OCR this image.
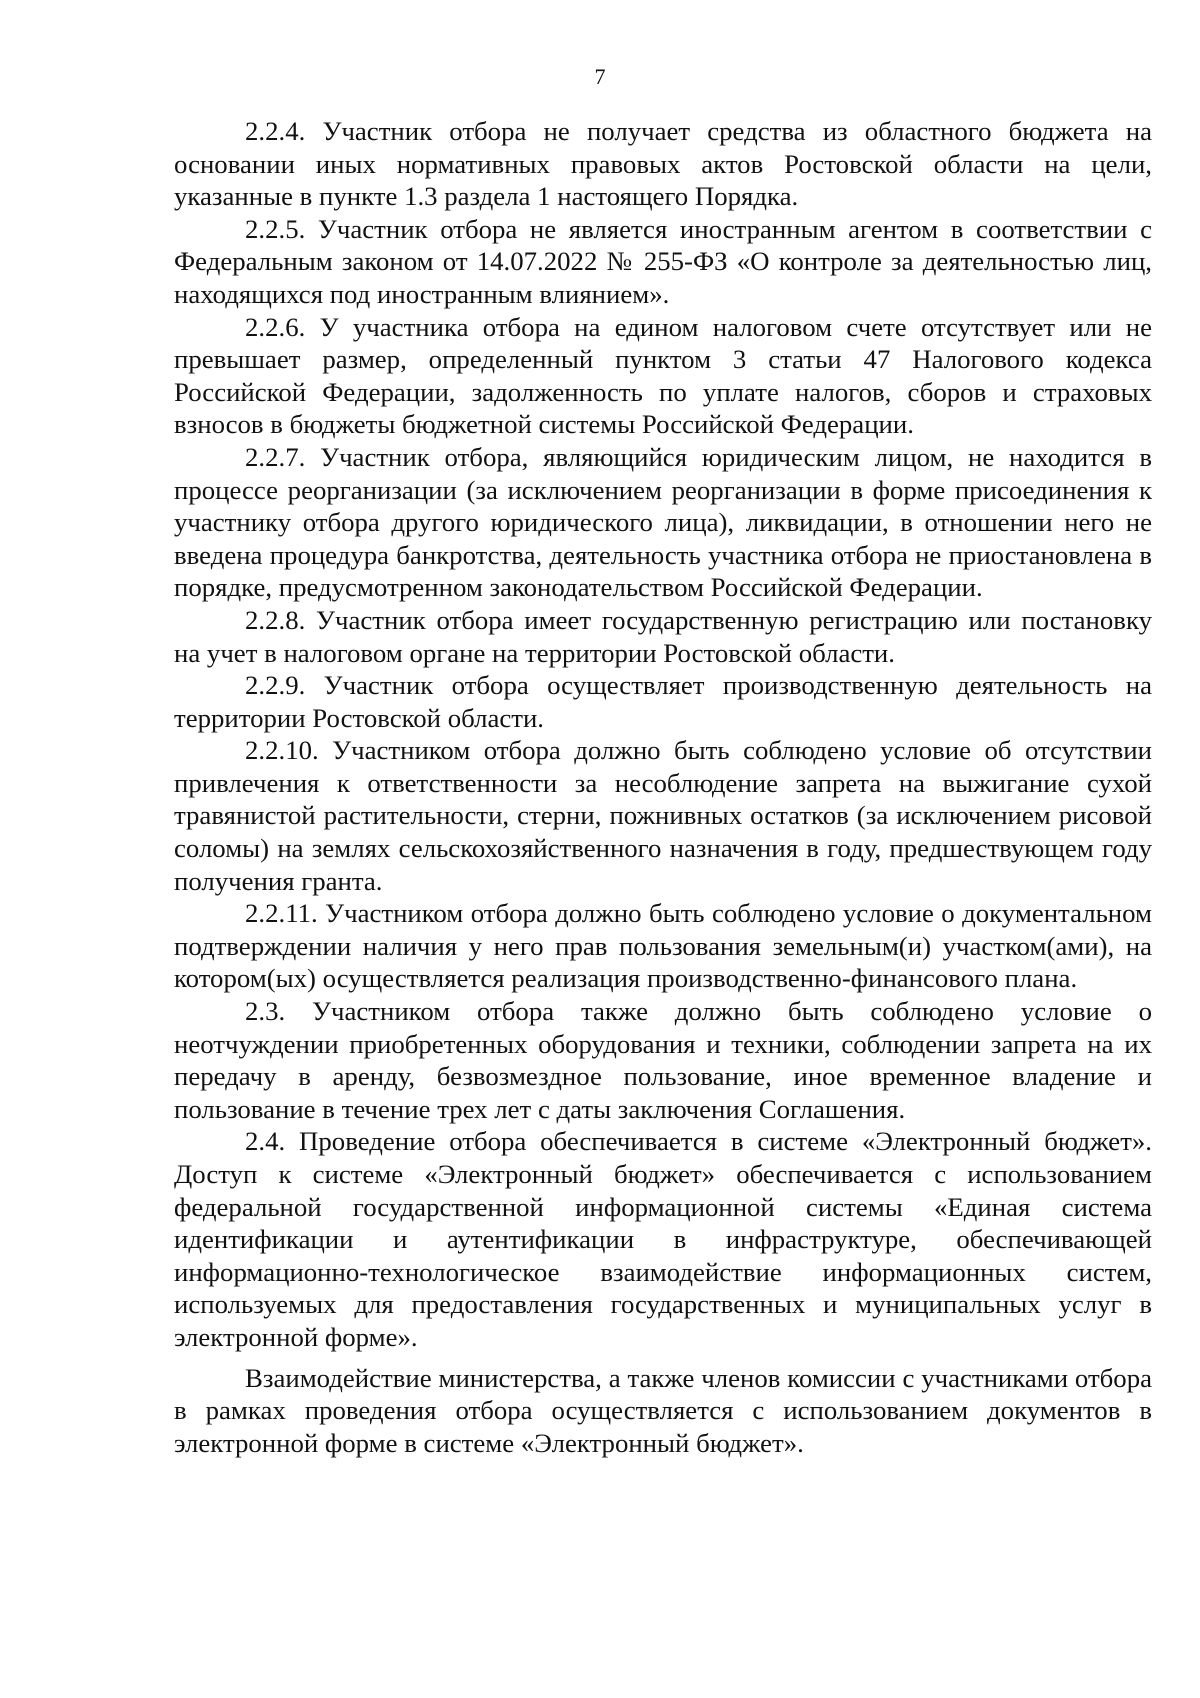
7

2.2.4. Участник отбора не получает средства из областного бюджета на основании иных нормативных правовых актов Ростовской области на цели, указанные в пункте 1.3 раздела 1 настоящего Порядка.

2.2.5. Участник отбора не является иностранным агентом в соответствии с Федеральным законом от 14.07.2022 № 255-ФЗ «О контроле за деятельностью лиц, находящихся под иностранным влиянием».

2.2.6. У участника отбора на едином налоговом счете отсутствует или не превышает размер, определенный пунктом 3 статьи 47 Налогового кодекса Российской Федерации, задолженность по уплате налогов, сборов и страховых взносов в бюджеты бюджетной системы Российской Федерации.

2.2.7. Участник отбора, являющийся юридическим лицом, не находится в процессе реорганизации (за исключением реорганизации в форме присоединения к участнику отбора другого юридического лица), ликвидации, в отношении него не введена процедура банкротства, деятельность участника отбора не приостановлена в порядке, предусмотренном законодательством Российской Федерации.

2.2.8. Участник отбора имеет государственную регистрацию или постановку на учет в налоговом органе на территории Ростовской области.

2.2.9. Участник отбора осуществляет производственную деятельность на территории Ростовской области.

2.2.10. Участником отбора должно быть соблюдено условие об отсутствии привлечения к ответственности за несоблюдение запрета на выжигание сухой травянистой растительности, стерни, пожнивных остатков (за исключением рисовой соломы) на землях сельскохозяйственного назначения в году, предшествующем году получения гранта.

2.2.11. Участником отбора должно быть соблюдено условие о документальном подтверждении наличия у него прав пользования земельным(и) участком(ами), на котором(ых) осуществляется реализация производственно-финансового плана.

2.3. Участником отбора также должно быть соблюдено условие о неотчуждении приобретенных оборудования и техники, соблюдении запрета на их передачу в аренду, безвозмездное пользование, иное временное владение и пользование в течение трех лет с даты заключения Соглашения.

2.4. Проведение отбора обеспечивается в системе «Электронный бюджет». Доступ к системе «Электронный бюджет» обеспечивается с использованием федеральной государственной информационной системы «Единая система идентификации и аутентификации в инфраструктуре, обеспечивающей информационно-технологическое взаимодействие информационных систем, используемых для предоставления государственных и муниципальных услуг в электронной форме».

Взаимодействие министерства, а также членов комиссии с участниками отбора в рамках проведения отбора осуществляется с использованием документов в электронной форме в системе «Электронный бюджет».
